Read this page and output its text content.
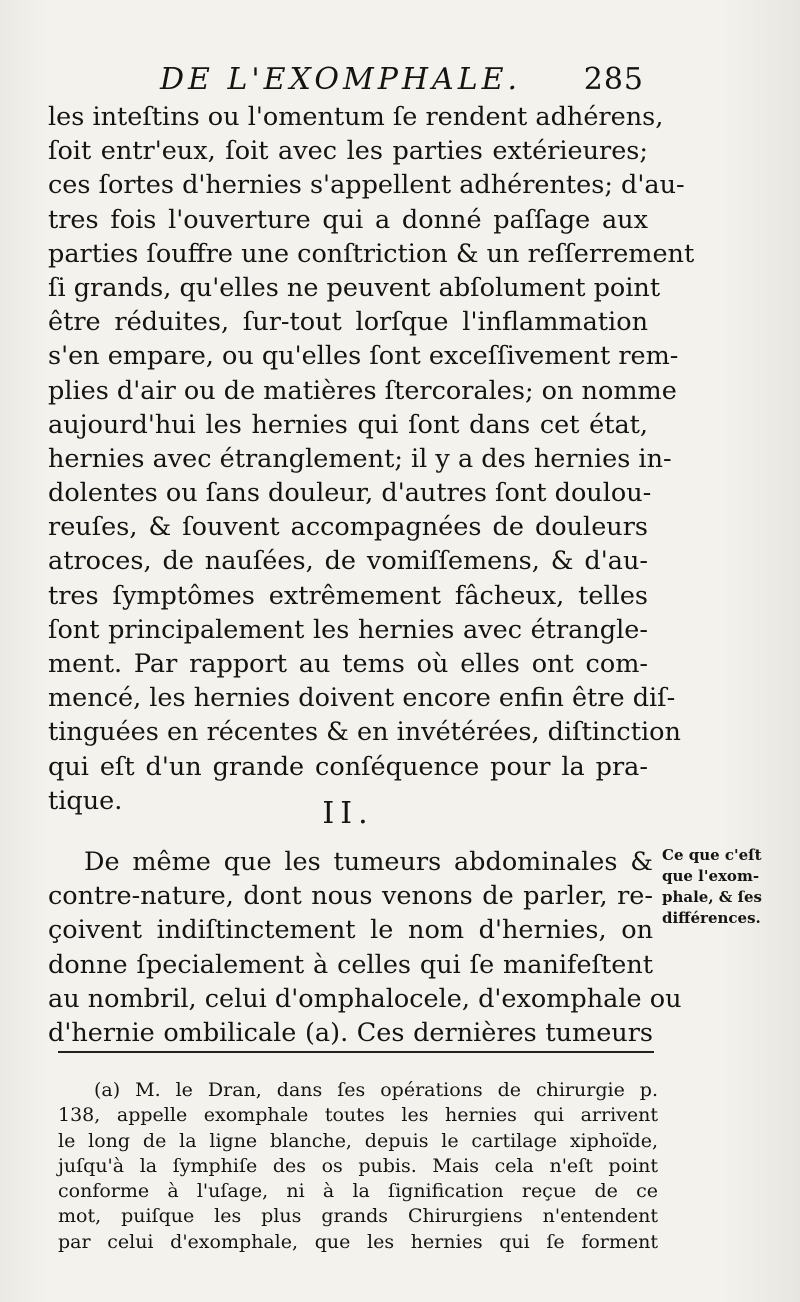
DE L'EXOMPHALE. 285
les inteſtins ou l'omentum ſe rendent adhérens,
ſoit entr'eux, ſoit avec les parties extérieures;
ces ſortes d'hernies s'appellent adhérentes; d'au-
tres fois l'ouverture qui a donné paſſage aux
parties ſouffre une conſtriction & un reſſerrement
ſi grands, qu'elles ne peuvent abſolument point
être réduites, ſur-tout lorſque l'inflammation
s'en empare, ou qu'elles ſont exceſſivement rem-
plies d'air ou de matières ſtercorales; on nomme
aujourd'hui les hernies qui ſont dans cet état,
hernies avec étranglement; il y a des hernies in-
dolentes ou ſans douleur, d'autres ſont doulou-
reuſes, & ſouvent accompagnées de douleurs
atroces, de nauſées, de vomiſſemens, & d'au-
tres ſymptômes extrêmement fâcheux, telles
ſont principalement les hernies avec étrangle-
ment. Par rapport au tems où elles ont com-
mencé, les hernies doivent encore enfin être diſ-
tinguées en récentes & en invétérées, diſtinction
qui eſt d'un grande conſéquence pour la pra-
tique.	II.
De même que les tumeurs abdominales &
contre-nature, dont nous venons de parler, re-
çoivent indiſtinctement le nom d'hernies, on
donne ſpecialement à celles qui ſe manifeſtent
au nombril, celui d'omphalocele, d'exomphale ou
d'hernie ombilicale (a). Ces dernières tumeurs
Ce que c'eſt
que l'exom-
phale, & ſes
différences.
(a) M. le Dran, dans ſes opérations de chirurgie p.
138, appelle exomphale toutes les hernies qui arrivent
le long de la ligne blanche, depuis le cartilage xiphoïde,
juſqu'à la ſymphiſe des os pubis. Mais cela n'eſt point
conforme à l'uſage, ni à la ſignification reçue de ce
mot, puiſque les plus grands Chirurgiens n'entendent
par celui d'exomphale, que les hernies qui ſe forment
